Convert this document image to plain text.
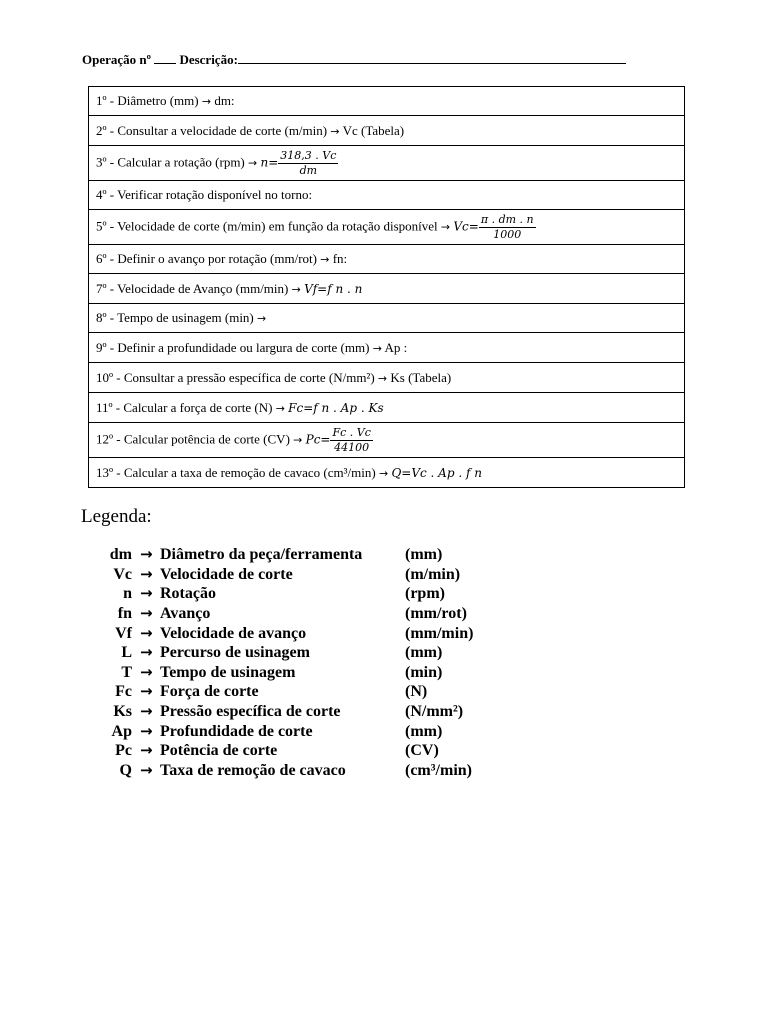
Operação nº Descrição:
1º - Diâmetro (mm) → dm:
2º - Consultar a velocidade de corte (m/min) → Vc (Tabela)
3º - Calcular a rotação $(rpm) \to n= \frac{318,3 . Vc}{dm}$

4º - Verificar rotação disponível no torno:
5º - Velocidade de corte (m/min) em função da rotação disponível → $Vc= \frac{\pi . dm . n}{1000}$

6º - Definir o avanço por rotação (mm/rot) → fn:
7º - Velocidade de Avanço (mm/min) → Vf=f n . n
8º - Tempo de usinagem (min) →
9º - Definir a profundidade ou largura de corte (mm) → Ap :
10º - Consultar a pressão específica de corte (N/mm²) → Ks (Tabela)
11º - Calcular a força de corte (N) → Fc=f n . Ap . Ks
12º - Calcular potência de corte $(CV) \to Pc= \frac{Fc . Vc}{44100}$

13º - Calcular a taxa de remoção de cavaco (cm³/min) → Q=Vc . Ap . f n
Legenda:
dm	→	Diâmetro da peça/ferramenta	(mm)
Vc	→	Velocidade de corte	(m/min)
n	→	Rotação	(rpm)
fn	→	Avanço	(mm/rot)
Vf	→	Velocidade de avanço	(mm/min)
L	→	Percurso de usinagem	(mm)
T	→	Tempo de usinagem	(min)
Fc	→	Força de corte	(N)
Ks	→	Pressão específica de corte	(N/mm²)
Ap	→	Profundidade de corte	(mm)
Pc	→	Potência de corte	(CV)
Q	→	Taxa de remoção de cavaco	(cm³/min)
